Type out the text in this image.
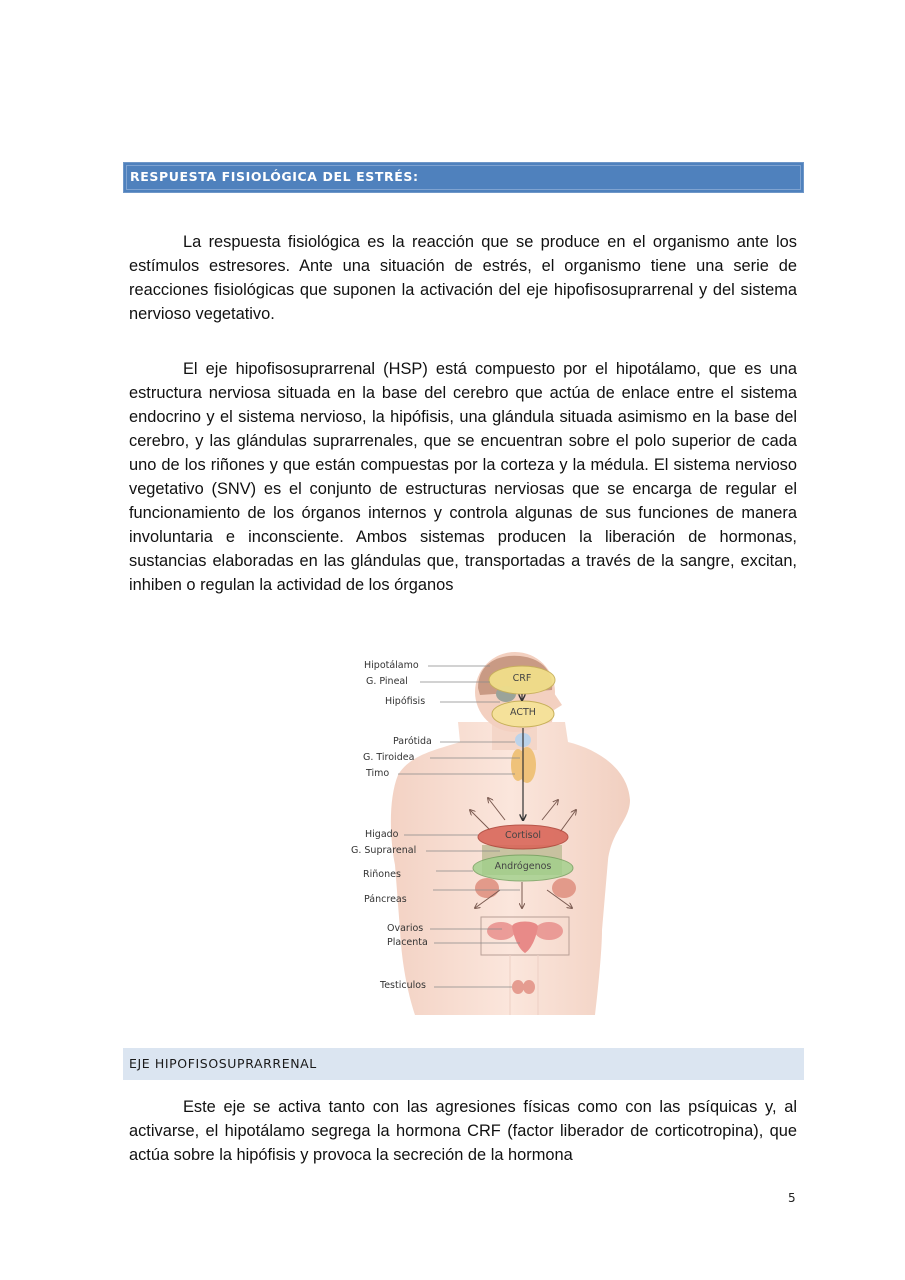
RESPUESTA FISIOLÓGICA DEL ESTRÉS:

La respuesta fisiológica es la reacción que se produce en el organismo ante los estímulos estresores. Ante una situación de estrés, el organismo tiene una serie de reacciones fisiológicas que suponen la activación del eje hipofisosuprarrenal y del sistema nervioso vegetativo.

El eje hipofisosuprarrenal (HSP) está compuesto por el hipotálamo, que es una estructura nerviosa situada en la base del cerebro que actúa de enlace entre el sistema endocrino y el sistema nervioso, la hipófisis, una glándula situada asimismo en la base del cerebro, y las glándulas suprarrenales, que se encuentran sobre el polo superior de cada uno de los riñones y que están compuestas por la corteza y la médula. El sistema nervioso vegetativo (SNV) es el conjunto de estructuras nerviosas que se encarga de regular el funcionamiento de los órganos internos y controla algunas de sus funciones de manera involuntaria e inconsciente. Ambos sistemas producen la liberación de hormonas, sustancias elaboradas en las glándulas que, transportadas a través de la sangre, excitan, inhiben o regulan la actividad de los órganos

Hipotálamo
G. Pineal
Hipófisis
Parótida
G. Tiroidea
Timo
Higado
G. Suprarenal
Riñones
Páncreas
Ovarios
Placenta
Testiculos
CRF
ACTH
Cortisol
Andrógenos
EJE HIPOFISOSUPRARRENAL

Este eje se activa tanto con las agresiones físicas como con las psíquicas y, al activarse, el hipotálamo segrega la hormona CRF (factor liberador de corticotropina), que actúa sobre la hipófisis y provoca la secreción de la hormona

5
